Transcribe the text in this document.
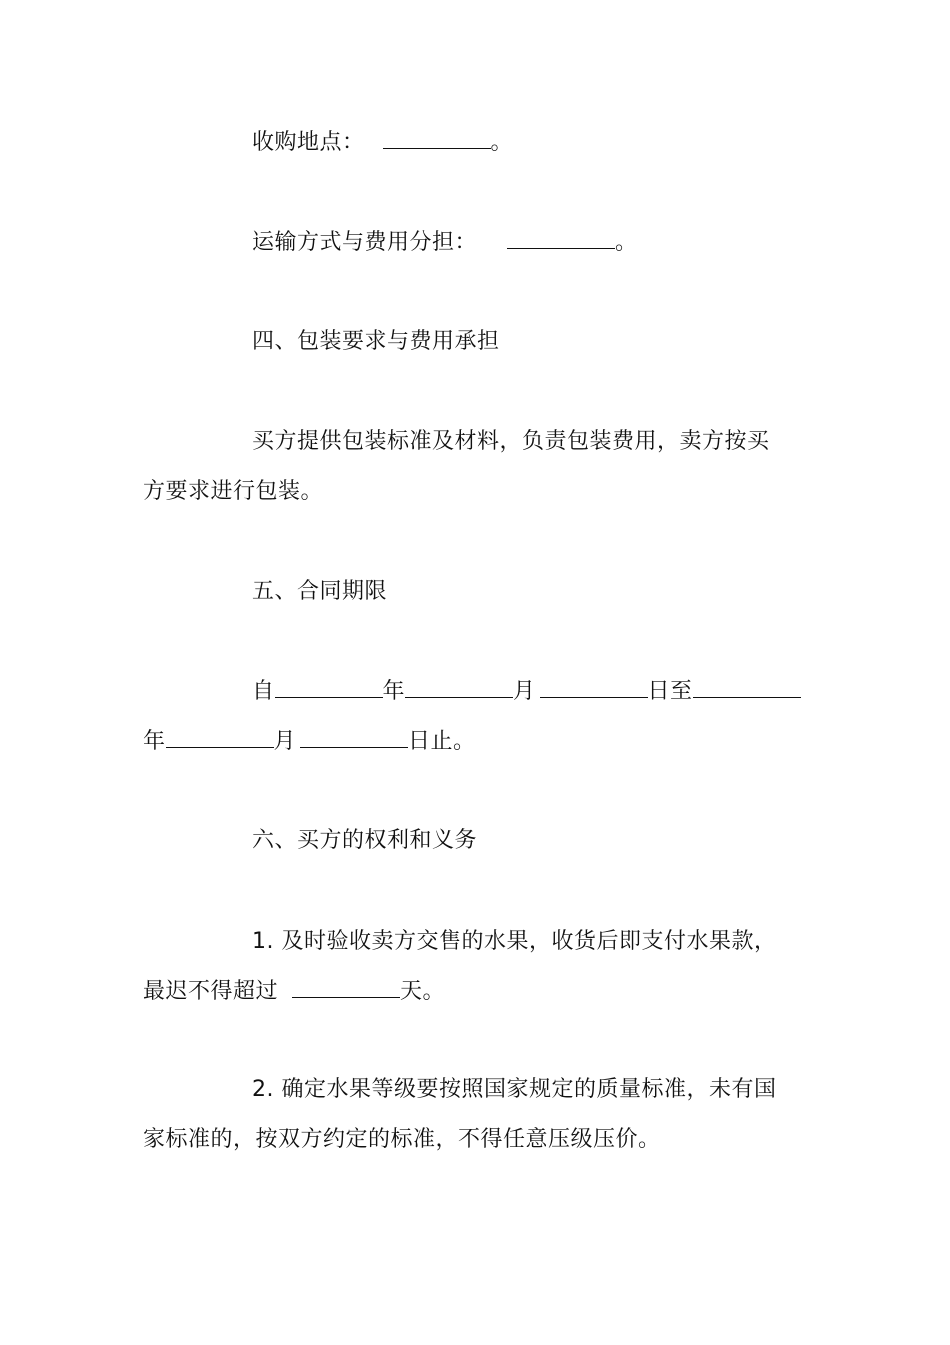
收购地点：	。
运输方式与费用分担：	。
四、包装要求与费用承担
买方提供包装标准及材料，负责包装费用，卖方按买
方要求进行包装。
五、合同期限
自	年	月	日至
年	月	日止。
六、买方的权利和义务
1. 及时验收卖方交售的水果，收货后即支付水果款，
最迟不得超过	天。
2. 确定水果等级要按照国家规定的质量标准，未有国
家标准的，按双方约定的标准，不得任意压级压价。
